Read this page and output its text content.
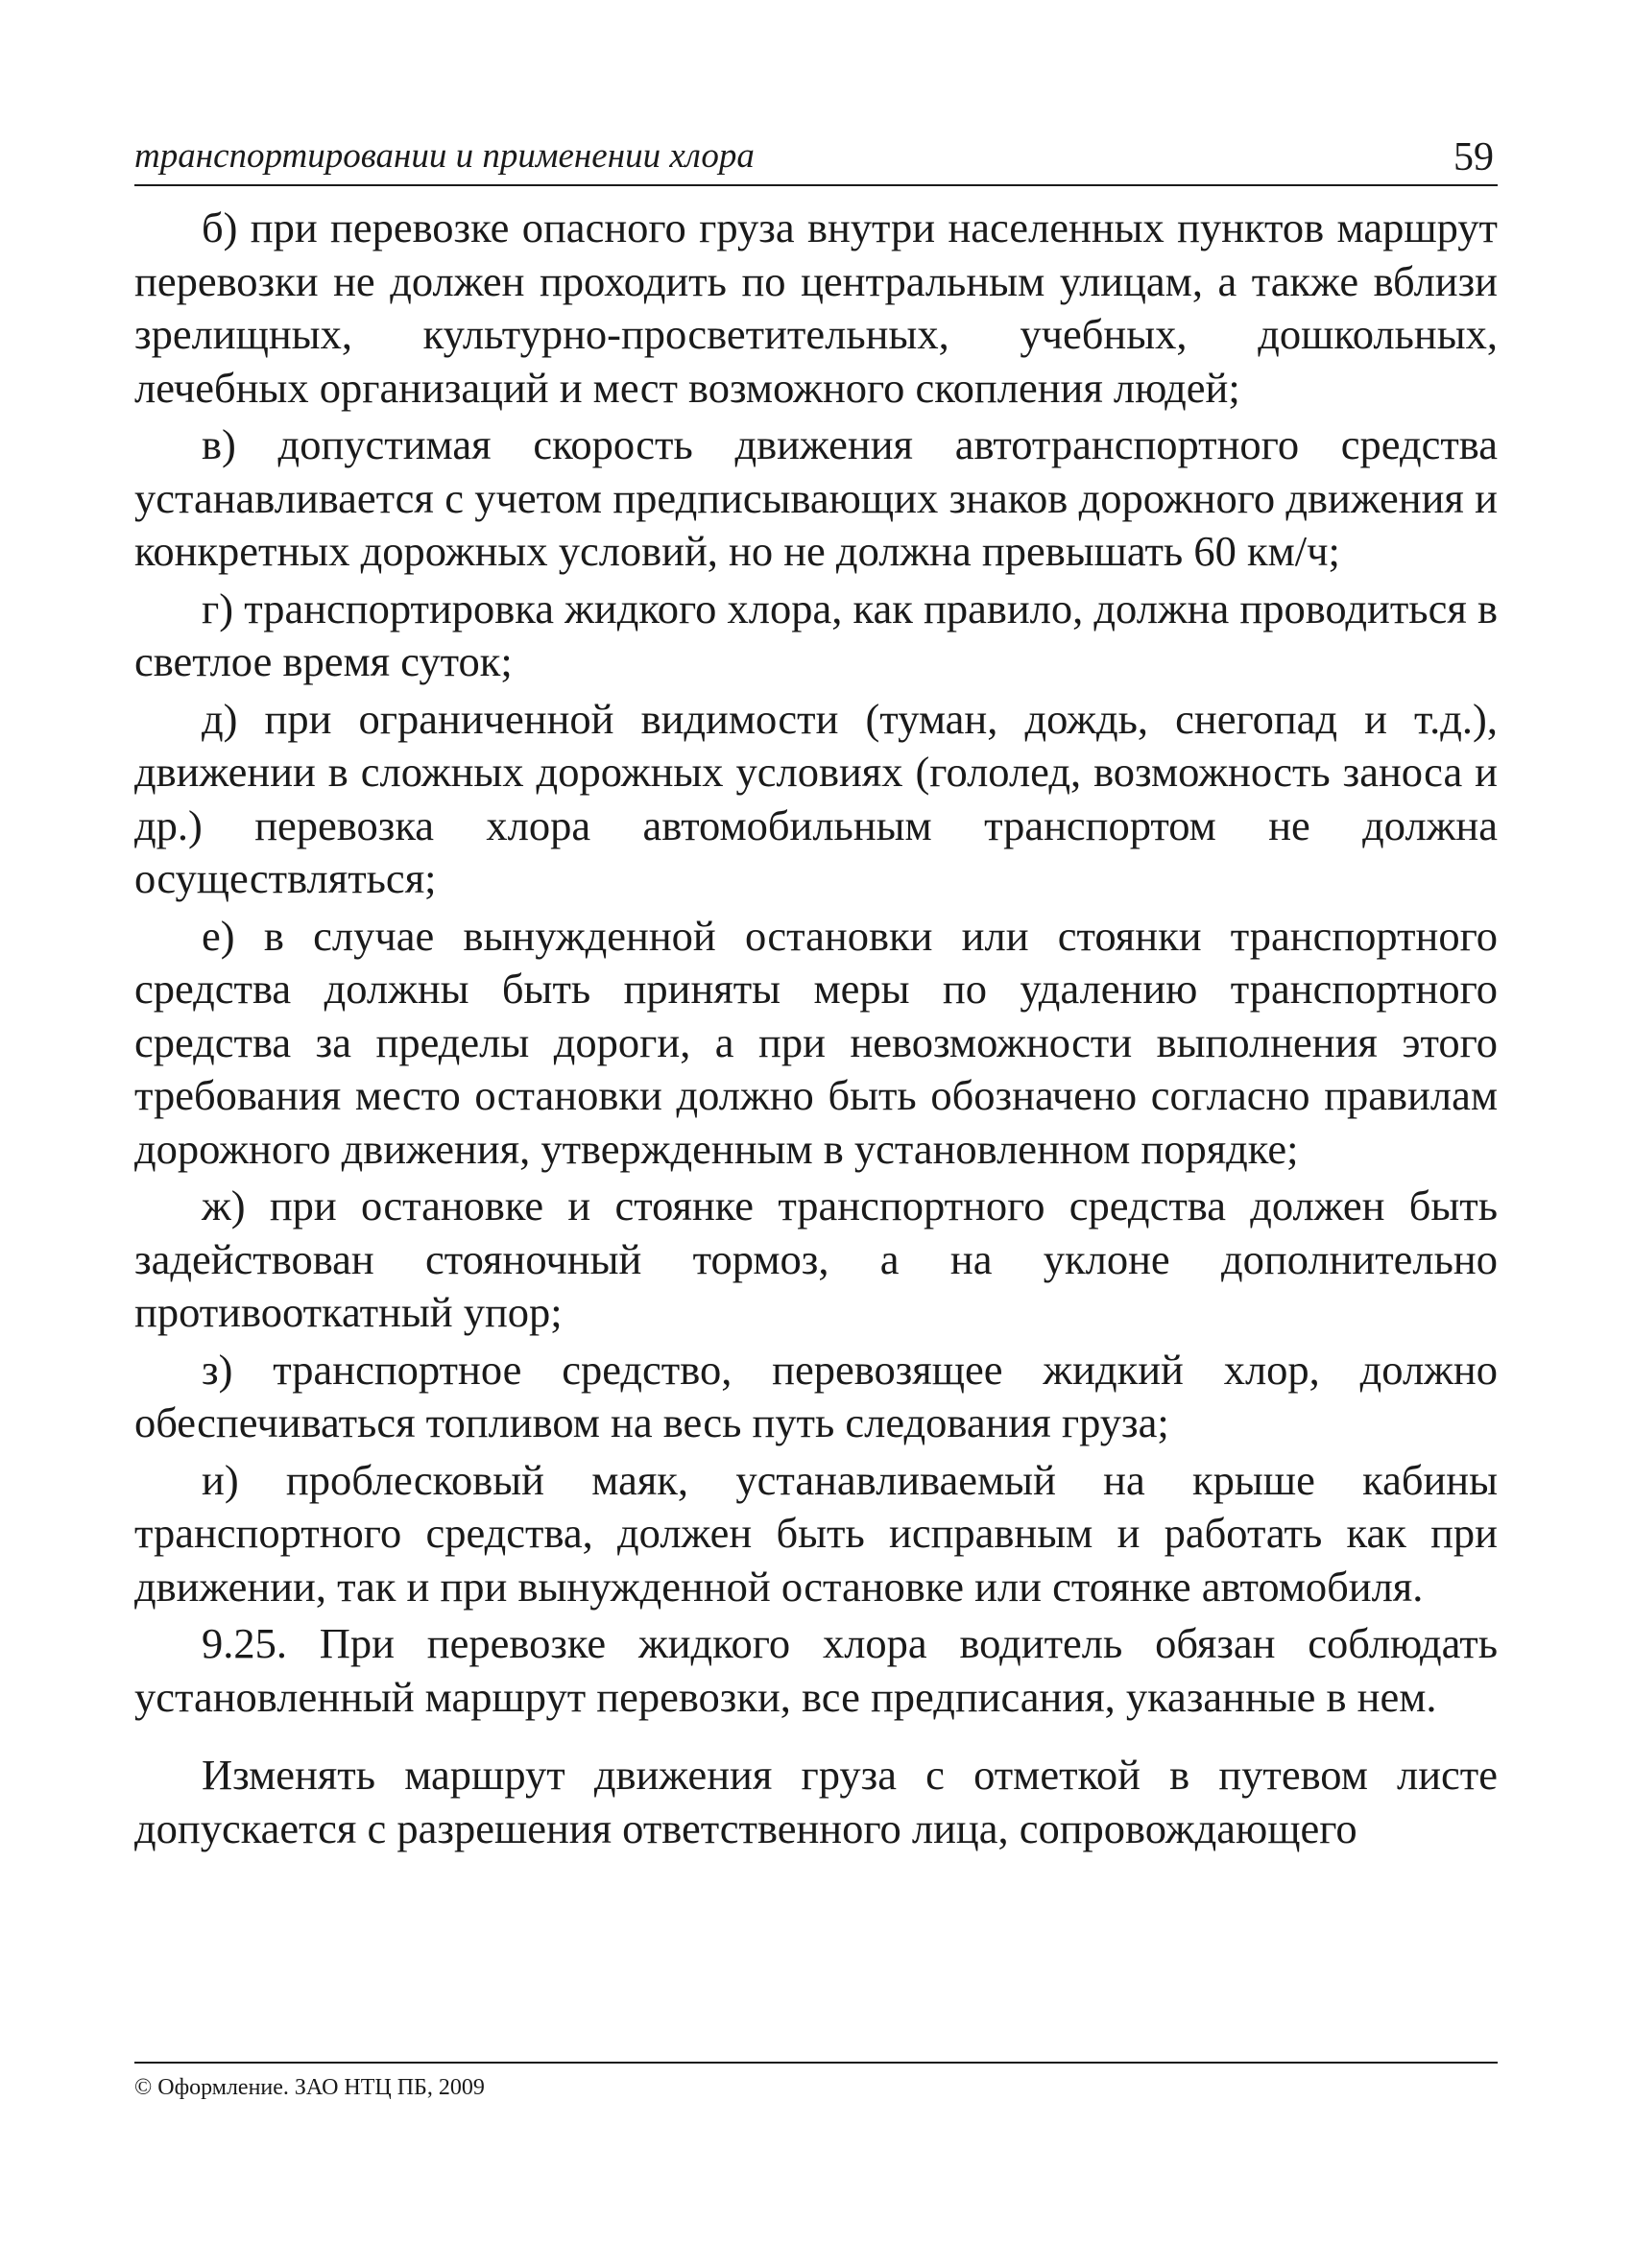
транспортировании и применении хлора	59

б) при перевозке опасного груза внутри населенных пунктов маршрут перевозки не должен проходить по центральным улицам, а также вблизи зрелищных, культурно-просветительных, учебных, дошкольных, лечебных организаций и мест возможного скопления людей;

в) допустимая скорость движения автотранспортного средства устанавливается с учетом предписывающих знаков дорожного движения и конкретных дорожных условий, но не должна превышать 60 км/ч;

г) транспортировка жидкого хлора, как правило, должна проводиться в светлое время суток;

д) при ограниченной видимости (туман, дождь, снегопад и т.д.), движении в сложных дорожных условиях (гололед, возможность заноса и др.) перевозка хлора автомобильным транспортом не должна осуществляться;

е) в случае вынужденной остановки или стоянки транспортного средства должны быть приняты меры по удалению транспортного средства за пределы дороги, а при невозможности выполнения этого требования место остановки должно быть обозначено согласно правилам дорожного движения, утвержденным в установленном порядке;

ж) при остановке и стоянке транспортного средства должен быть задействован стояночный тормоз, а на уклоне дополнительно противооткатный упор;

з) транспортное средство, перевозящее жидкий хлор, должно обеспечиваться топливом на весь путь следования груза;

и) проблесковый маяк, устанавливаемый на крыше кабины транспортного средства, должен быть исправным и работать как при движении, так и при вынужденной остановке или стоянке автомобиля.

9.25. При перевозке жидкого хлора водитель обязан соблюдать установленный маршрут перевозки, все предписания, указанные в нем.

Изменять маршрут движения груза с отметкой в путевом листе допускается с разрешения ответственного лица, сопровождающего

© Оформление. ЗАО НТЦ ПБ, 2009
